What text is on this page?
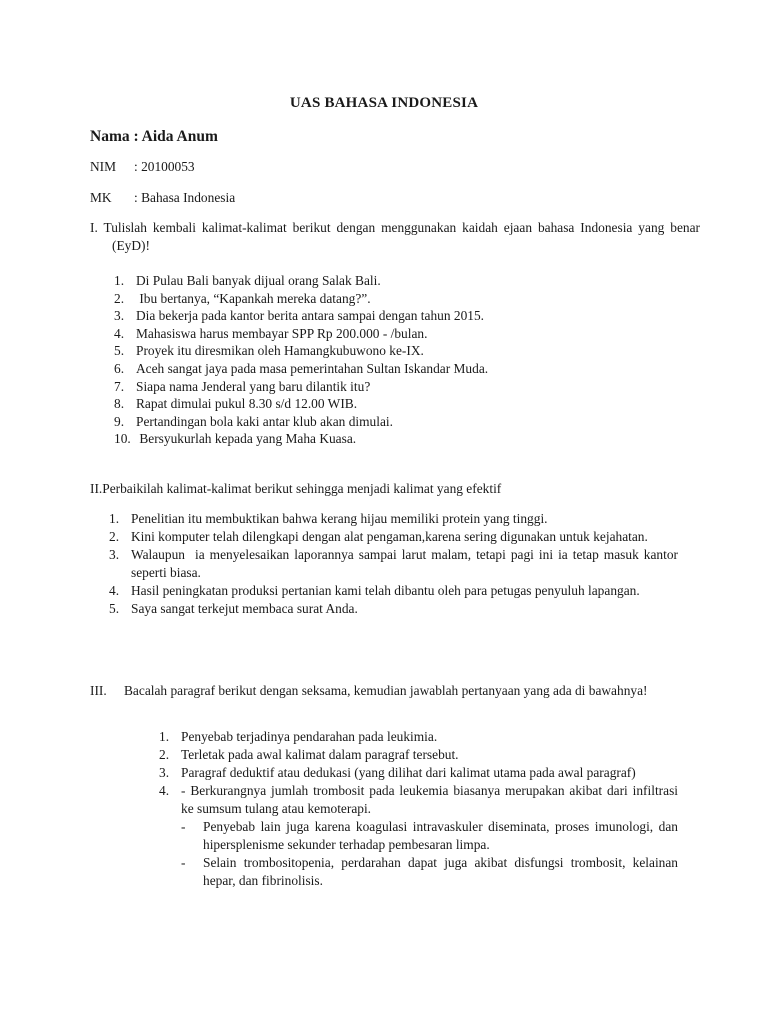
UAS BAHASA INDONESIA
Nama : Aida Anum
NIM : 20100053
MK : Bahasa Indonesia
I. Tulislah kembali kalimat-kalimat berikut dengan menggunakan kaidah ejaan bahasa Indonesia yang benar (EyD)!
1. Di Pulau Bali banyak dijual orang Salak Bali.
2. Ibu bertanya, “Kapankah mereka datang?”.
3. Dia bekerja pada kantor berita antara sampai dengan tahun 2015.
4. Mahasiswa harus membayar SPP Rp 200.000 - /bulan.
5. Proyek itu diresmikan oleh Hamangkubuwono ke-IX.
6. Aceh sangat jaya pada masa pemerintahan Sultan Iskandar Muda.
7. Siapa nama Jenderal yang baru dilantik itu?
8. Rapat dimulai pukul 8.30 s/d 12.00 WIB.
9. Pertandingan bola kaki antar klub akan dimulai.
10. Bersyukurlah kepada yang Maha Kuasa.
II.Perbaikilah kalimat-kalimat berikut sehingga menjadi kalimat yang efektif
1. Penelitian itu membuktikan bahwa kerang hijau memiliki protein yang tinggi.
2. Kini komputer telah dilengkapi dengan alat pengaman,karena sering digunakan untuk kejahatan.
3. Walaupun  ia menyelesaikan laporannya sampai larut malam, tetapi pagi ini ia tetap masuk kantor seperti biasa.
4. Hasil peningkatan produksi pertanian kami telah dibantu oleh para petugas penyuluh lapangan.
5. Saya sangat terkejut membaca surat Anda.
III. Bacalah paragraf berikut dengan seksama, kemudian jawablah pertanyaan yang ada di bawahnya!
1. Penyebab terjadinya pendarahan pada leukimia.
2. Terletak pada awal kalimat dalam paragraf tersebut.
3. Paragraf deduktif atau dedukasi (yang dilihat dari kalimat utama pada awal paragraf)
4. - Berkurangnya jumlah trombosit pada leukemia biasanya merupakan akibat dari infiltrasi ke sumsum tulang atau kemoterapi.
- Penyebab lain juga karena koagulasi intravaskuler diseminata, proses imunologi, dan hipersplenisme sekunder terhadap pembesaran limpa.
- Selain trombositopenia, perdarahan dapat juga akibat disfungsi trombosit, kelainan hepar, dan fibrinolisis.
